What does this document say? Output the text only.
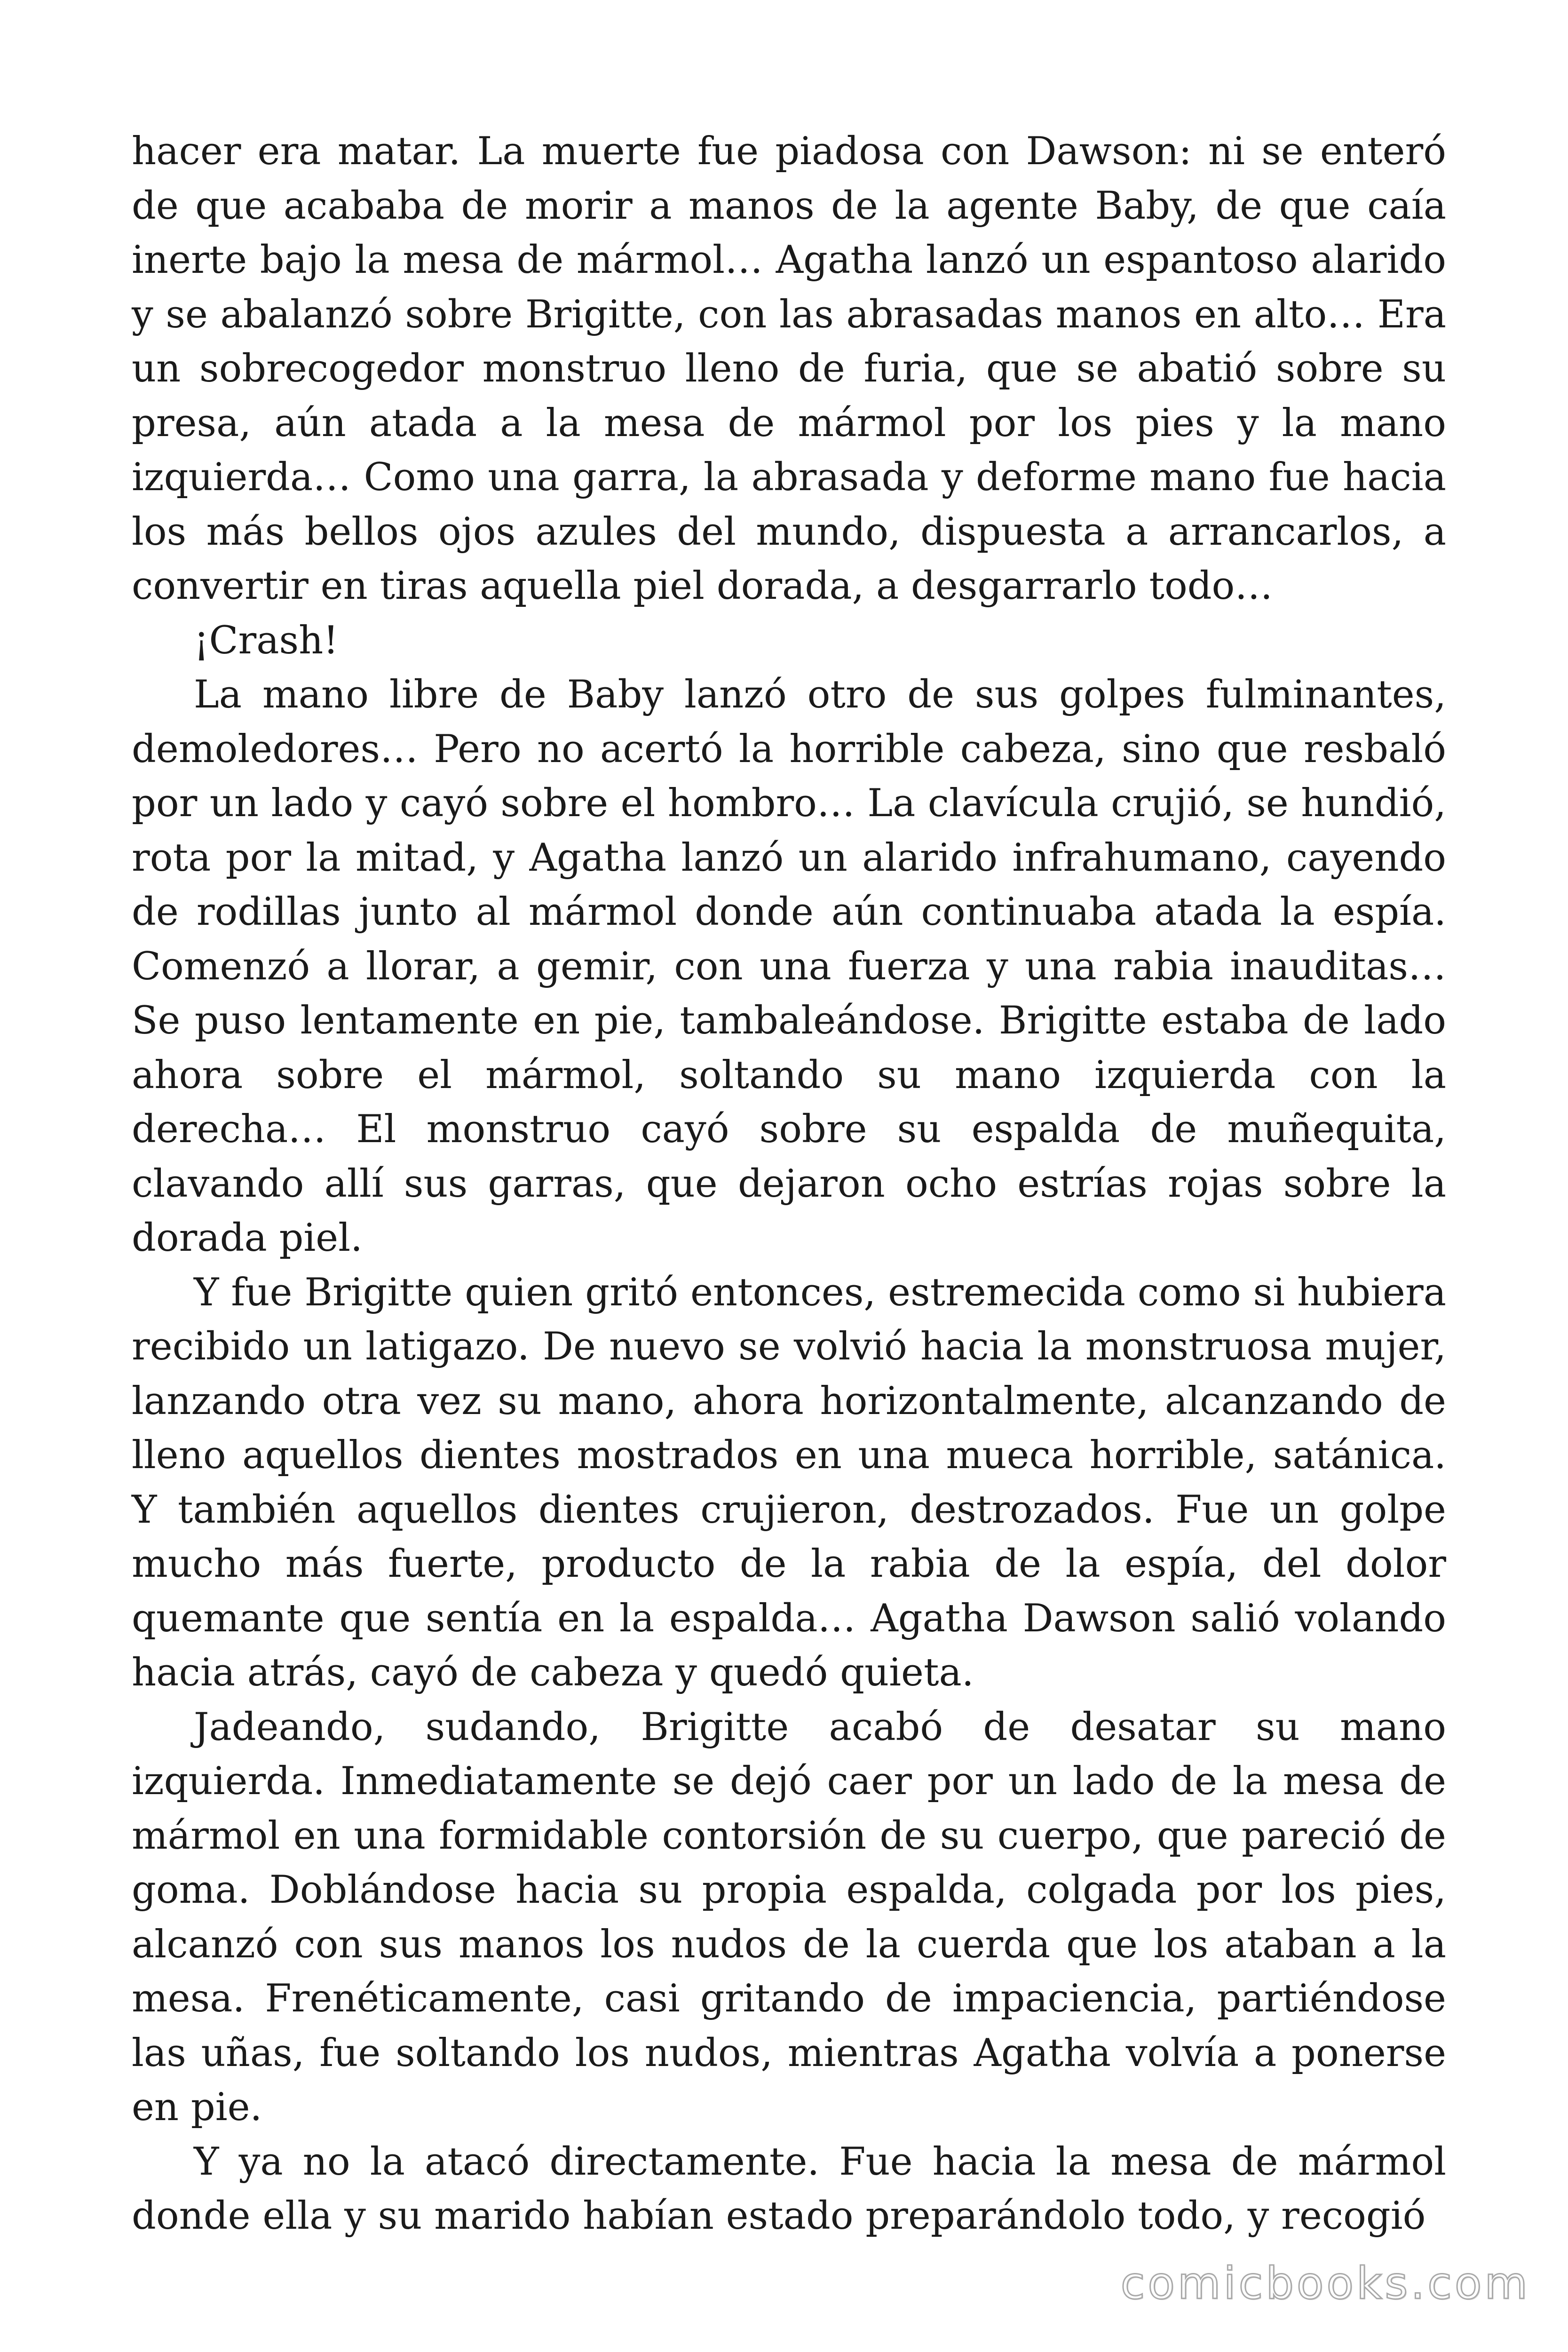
hacer era matar. La muerte fue piadosa con Dawson: ni se enteró de que acababa de morir a manos de la agente Baby, de que caía inerte bajo la mesa de mármol… Agatha lanzó un espantoso alarido y se abalanzó sobre Brigitte, con las abrasadas manos en alto… Era un sobrecogedor monstruo lleno de furia, que se abatió sobre su presa, aún atada a la mesa de mármol por los pies y la mano izquierda… Como una garra, la abrasada y deforme mano fue hacia los más bellos ojos azules del mundo, dispuesta a arrancarlos, a convertir en tiras aquella piel dorada, a desgarrarlo todo…

¡Crash!

La mano libre de Baby lanzó otro de sus golpes fulminantes, demoledores… Pero no acertó la horrible cabeza, sino que resbaló por un lado y cayó sobre el hombro… La clavícula crujió, se hundió, rota por la mitad, y Agatha lanzó un alarido infrahumano, cayendo de rodillas junto al mármol donde aún continuaba atada la espía. Comenzó a llorar, a gemir, con una fuerza y una rabia inauditas… Se puso lentamente en pie, tambaleándose. Brigitte estaba de lado ahora sobre el mármol, soltando su mano izquierda con la derecha… El monstruo cayó sobre su espalda de muñequita, clavando allí sus garras, que dejaron ocho estrías rojas sobre la dorada piel.

Y fue Brigitte quien gritó entonces, estremecida como si hubiera recibido un latigazo. De nuevo se volvió hacia la monstruosa mujer, lanzando otra vez su mano, ahora horizontalmente, alcanzando de lleno aquellos dientes mostrados en una mueca horrible, satánica. Y también aquellos dientes crujieron, destrozados. Fue un golpe mucho más fuerte, producto de la rabia de la espía, del dolor quemante que sentía en la espalda… Agatha Dawson salió volando hacia atrás, cayó de cabeza y quedó quieta.

Jadeando, sudando, Brigitte acabó de desatar su mano izquierda. Inmediatamente se dejó caer por un lado de la mesa de mármol en una formidable contorsión de su cuerpo, que pareció de goma. Doblándose hacia su propia espalda, colgada por los pies, alcanzó con sus manos los nudos de la cuerda que los ataban a la mesa. Frenéticamente, casi gritando de impaciencia, partiéndose las uñas, fue soltando los nudos, mientras Agatha volvía a ponerse en pie.

Y ya no la atacó directamente. Fue hacia la mesa de mármol donde ella y su marido habían estado preparándolo todo, y recogió

comicbooks.com
